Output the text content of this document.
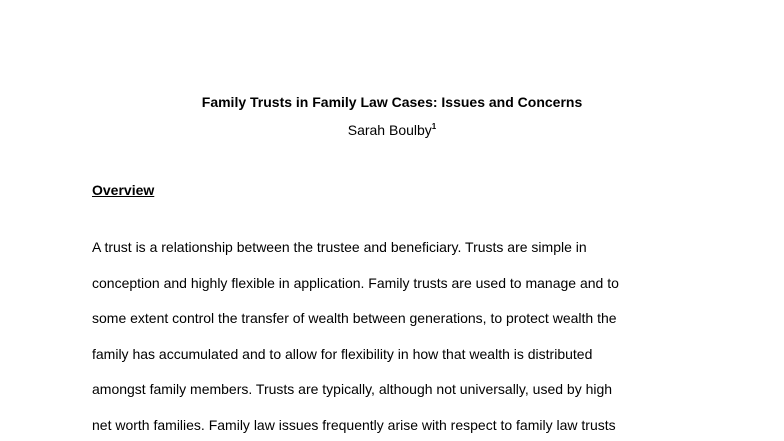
Family Trusts in Family Law Cases: Issues and Concerns
Sarah Boulby$^1$
Overview
A trust is a relationship between the trustee and beneficiary. Trusts are simple in
conception and highly flexible in application. Family trusts are used to manage and to
some extent control the transfer of wealth between generations, to protect wealth the
family has accumulated and to allow for flexibility in how that wealth is distributed
amongst family members. Trusts are typically, although not universally, used by high
net worth families. Family law issues frequently arise with respect to family law trusts
